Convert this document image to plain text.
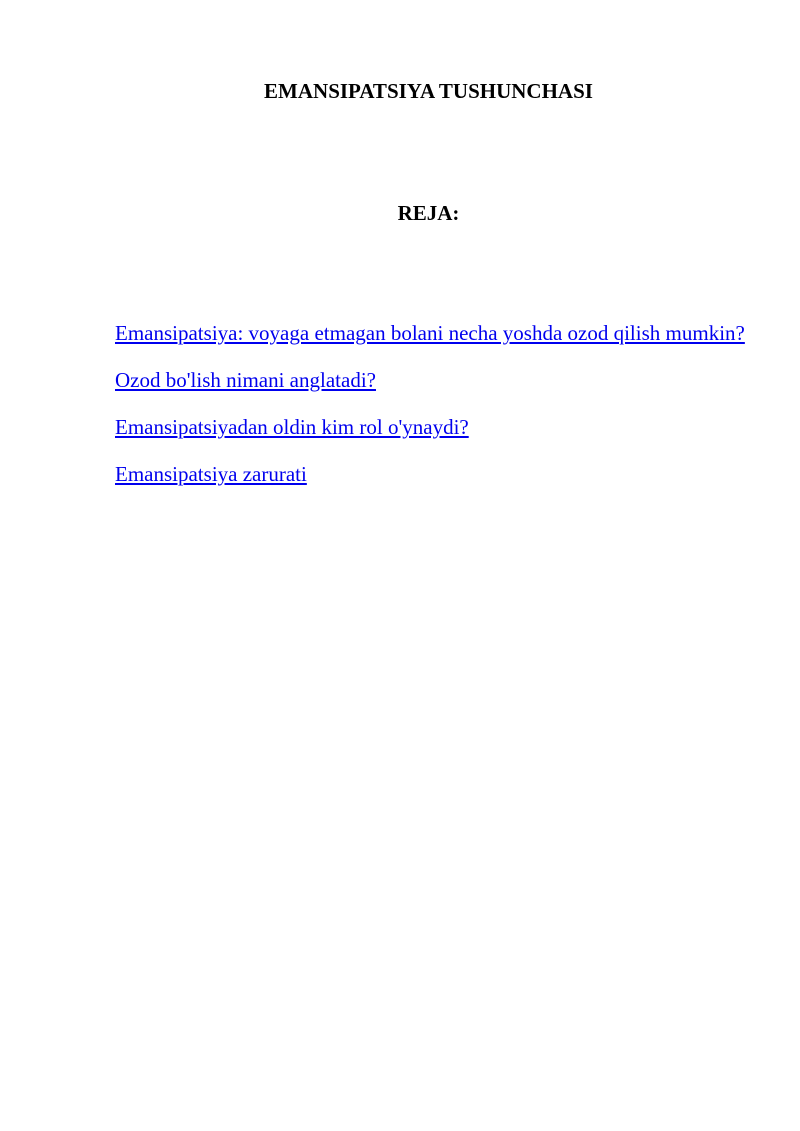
EMANSIPATSIYA TUSHUNCHASI
REJA:
Emansipatsiya: voyaga etmagan bolani necha yoshda ozod qilish mumkin?
Ozod bo'lish nimani anglatadi?
Emansipatsiyadan oldin kim rol o'ynaydi?
Emansipatsiya zarurati
